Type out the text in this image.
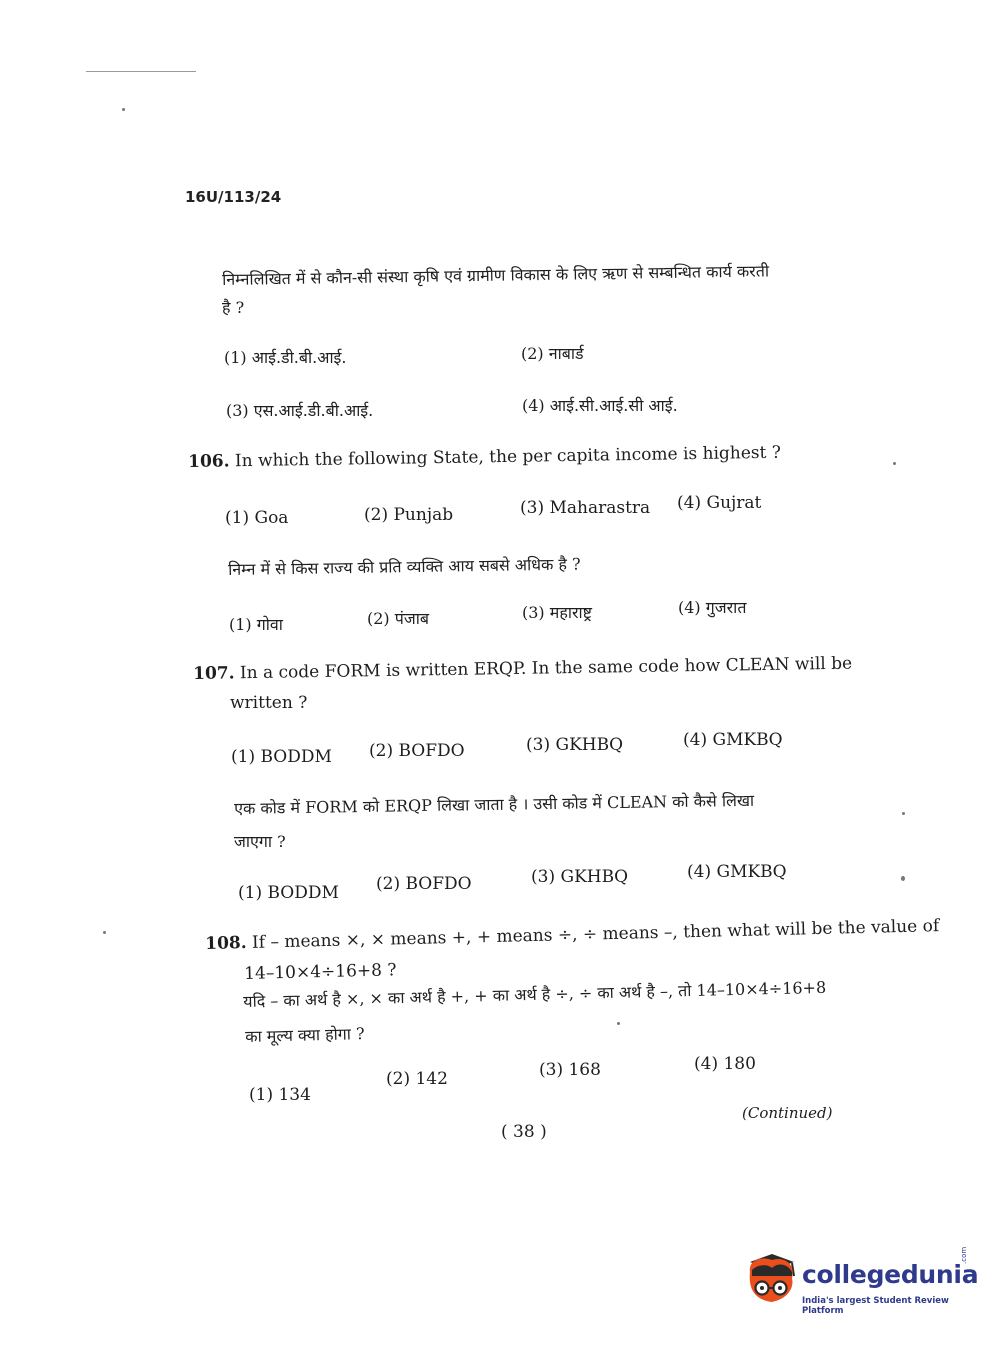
16U/113/24
निम्नलिखित में से कौन-सी संस्था कृषि एवं ग्रामीण विकास के लिए ऋण से सम्बन्धित कार्य करती
है ?
(1) आई.डी.बी.आई.	(2) नाबार्ड
(3) एस.आई.डी.बी.आई.	(4) आई.सी.आई.सी आई.
106. In which the following State, the per capita income is highest ?
(1) Goa	(2) Punjab	(3) Maharastra (4) Gujrat
निम्न में से किस राज्य की प्रति व्यक्ति आय सबसे अधिक है ?
(1) गोवा	(2) पंजाब	(3) महाराष्ट्र	(4) गुजरात
107. In a code FORM is written ERQP. In the same code how CLEAN will be
written ?
(1) BODDM (2) BOFDO	(3) GKHBQ	(4) GMKBQ
एक कोड में FORM को ERQP लिखा जाता है । उसी कोड में CLEAN को कैसे लिखा
जाएगा ?
(1) BODDM (2) BOFDO	(3) GKHBQ	(4) GMKBQ
108. If – means ×, × means +, + means ÷, ÷ means –, then what will be the value of
14–10×4÷16+8 ?
यदि – का अर्थ है ×, × का अर्थ है +, + का अर्थ है ÷, ÷ का अर्थ है –, तो 14–10×4÷16+8
का मूल्य क्या होगा ?
(1) 134
(2) 142	(3) 168	(4) 180
(Continued)
( 38 )
collegedunia
.com
India's largest Student Review Platform
